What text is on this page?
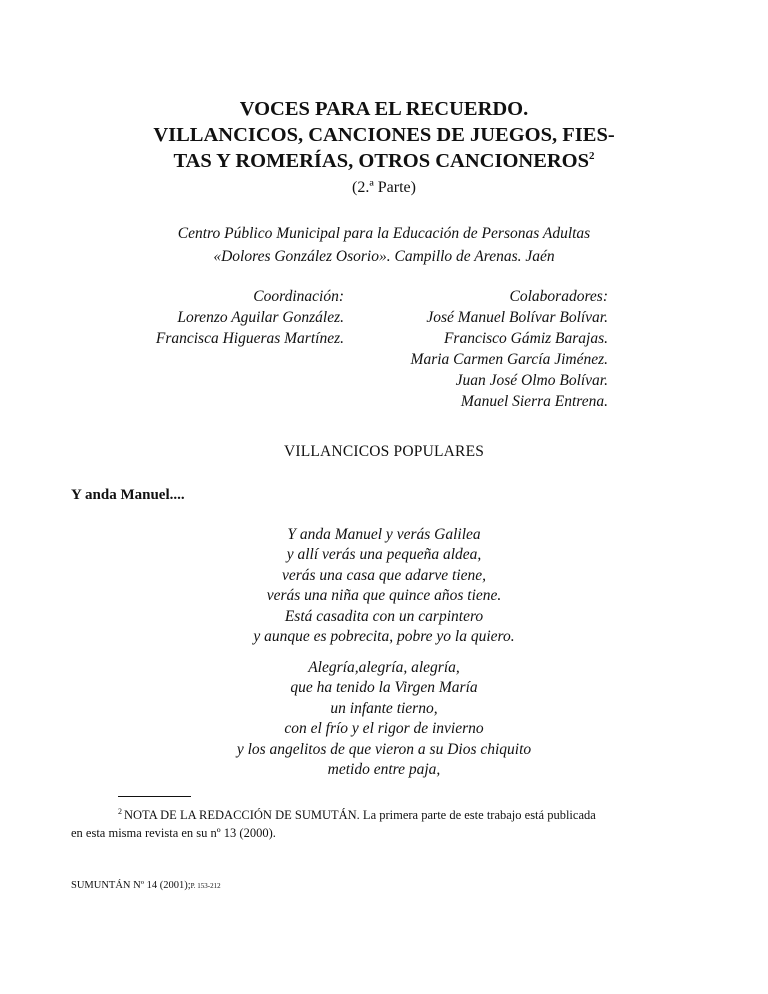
VOCES PARA EL RECUERDO.
VILLANCICOS, CANCIONES DE JUEGOS, FIES-
TAS Y ROMERÍAS, OTROS CANCIONEROS$^2$
(2.ª Parte)
Centro Público Municipal para la Educación de Personas Adultas
«Dolores González Osorio». Campillo de Arenas. Jaén
Coordinación:
Lorenzo Aguilar González.
Francisca Higueras Martínez.
Colaboradores:
José Manuel Bolívar Bolívar.
Francisco Gámiz Barajas.
Maria Carmen García Jiménez.
Juan José Olmo Bolívar.
Manuel Sierra Entrena.
VILLANCICOS POPULARES
Y anda Manuel....
Y anda Manuel y verás Galilea
y allí verás una pequeña aldea,
verás una casa que adarve tiene,
verás una niña que quince años tiene.
Está casadita con un carpintero
y aunque es pobrecita, pobre yo la quiero.
Alegría,alegría, alegría,
que ha tenido la Virgen María
un infante tierno,
con el frío y el rigor de invierno
y los angelitos de que vieron a su Dios chiquito
metido entre paja,
$^2$ NOTA DE LA REDACCIÓN DE SUMUTÁN. La primera parte de este trabajo está publicada
en esta misma revista en su nº 13 (2000).
SUMUNTÁN Nº 14 (2001);P. 153-212
